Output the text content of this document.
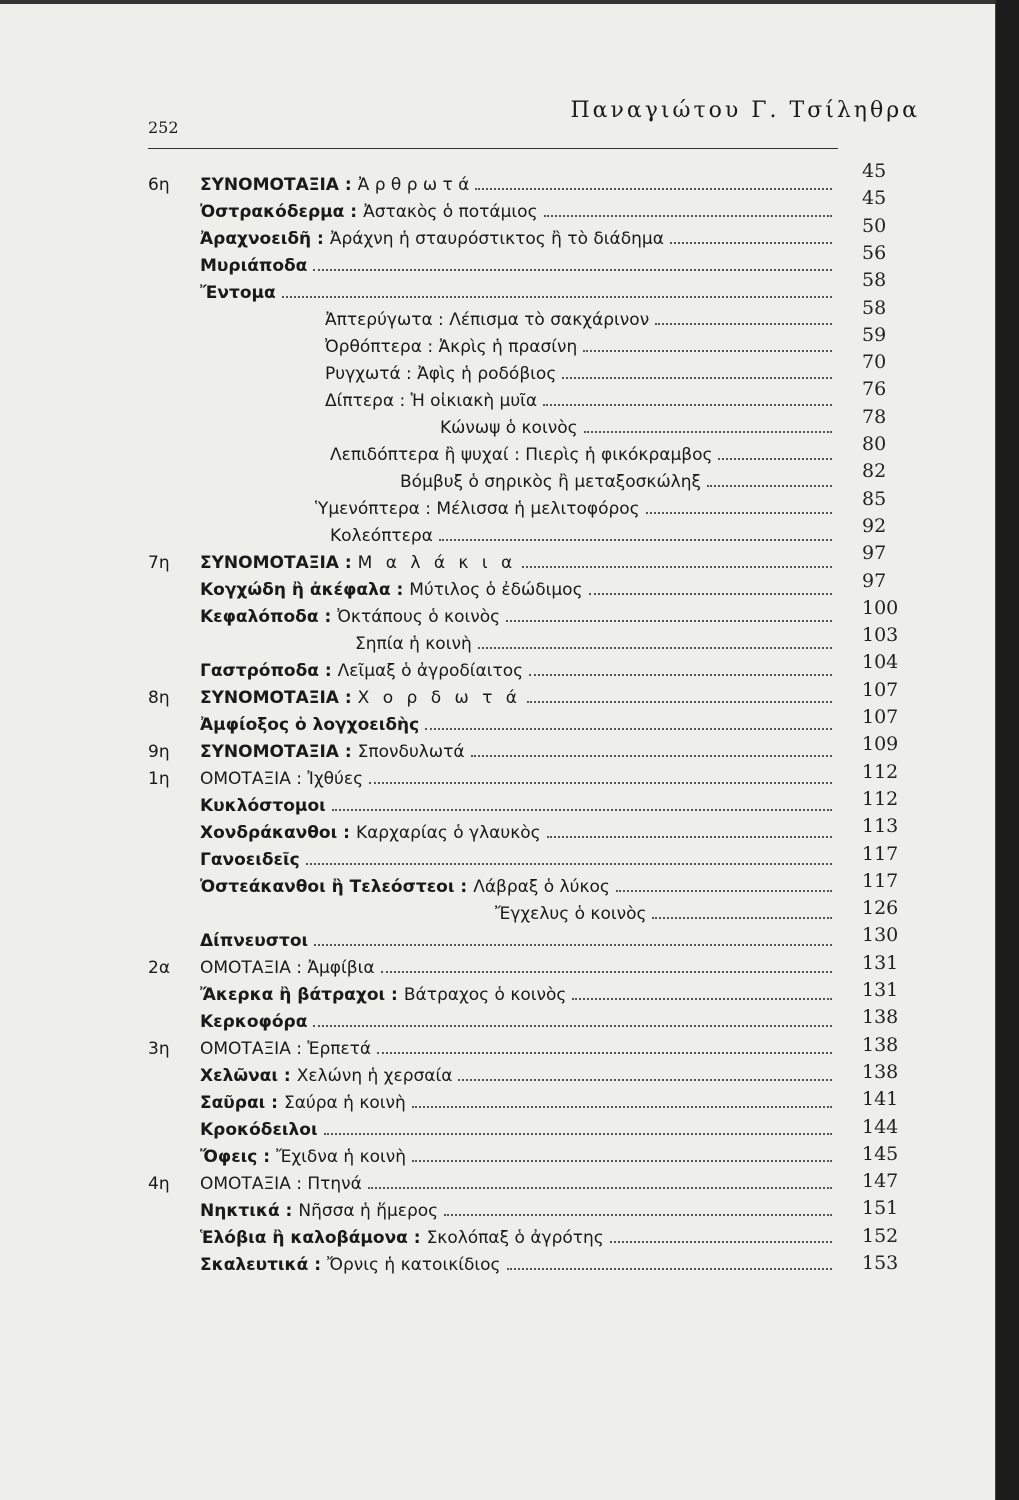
252
Παναγιώτου Γ. Τσίληθρα
6η ΣΥΝΟΜΟΤΑΞΙΑ : Ἀ ρ θ ρ ω τ ά
Ὀστρακόδερμα : Ἀστακὸς ὁ ποτάμιος
Ἀραχνοειδῆ : Ἀράχνη ἡ σταυρόστικτος ἢ τὸ διάδημα
Μυριάποδα
Ἔντομα
Ἀπτερύγωτα : Λέπισμα τὸ σακχάρινον
Ὀρθόπτερα : Ἀκρὶς ἡ πρασίνη
Ρυγχωτά : Ἀφὶς ἡ ροδόβιος
Δίπτερα : Ἡ οἰκιακὴ μυῖα
Κώνωψ ὁ κοινὸς
Λεπιδόπτερα ἢ ψυχαί : Πιερὶς ἡ φικόκραμβος
Βόμβυξ ὁ σηρικὸς ἢ μεταξοσκώληξ
Ὑμενόπτερα : Μέλισσα ἡ μελιτοφόρος
Κολεόπτερα
7η ΣΥΝΟΜΟΤΑΞΙΑ : Μ α λ ά κ ι α
Κογχώδη ἢ ἀκέφαλα : Μύτιλος ὁ ἐδώδιμος
Κεφαλόποδα : Ὀκτάπους ὁ κοινὸς
Σηπία ἡ κοινὴ
Γαστρόποδα : Λεῖμαξ ὁ ἀγροδίαιτος
8η ΣΥΝΟΜΟΤΑΞΙΑ : Χ ο ρ δ ω τ ά
Ἀμφίοξος ὁ λογχοειδὴς
9η ΣΥΝΟΜΟΤΑΞΙΑ : Σπονδυλωτά
1η ΟΜΟΤΑΞΙΑ : Ἰχθύες
Κυκλόστομοι
Χονδράκανθοι : Καρχαρίας ὁ γλαυκὸς
Γανοειδεῖς
Ὀστεάκανθοι ἢ Τελεόστεοι : Λάβραξ ὁ λύκος
Ἔγχελυς ὁ κοινὸς
Δίπνευστοι
2α ΟΜΟΤΑΞΙΑ : Ἀμφίβια
Ἄκερκα ἢ βάτραχοι : Βάτραχος ὁ κοινὸς
Κερκοφόρα
3η ΟΜΟΤΑΞΙΑ : Ἑρπετά
Χελῶναι : Χελώνη ἡ χερσαία
Σαῦραι : Σαύρα ἡ κοινὴ
Κροκόδειλοι
Ὄφεις : Ἔχιδνα ἡ κοινὴ
4η ΟΜΟΤΑΞΙΑ : Πτηνά
Νηκτικά : Νῆσσα ἡ ἥμερος
Ἑλόβια ἢ καλοβάμονα : Σκολόπαξ ὁ ἀγρότης
Σκαλευτικά : Ὄρνις ἡ κατοικίδιος
45
45
50
56
58
58
59
70
76
78
80
82
85
92
97
97
100
103
104
107
107
109
112
112
113
117
117
126
130
131
131
138
138
138
141
144
145
147
151
152
153
